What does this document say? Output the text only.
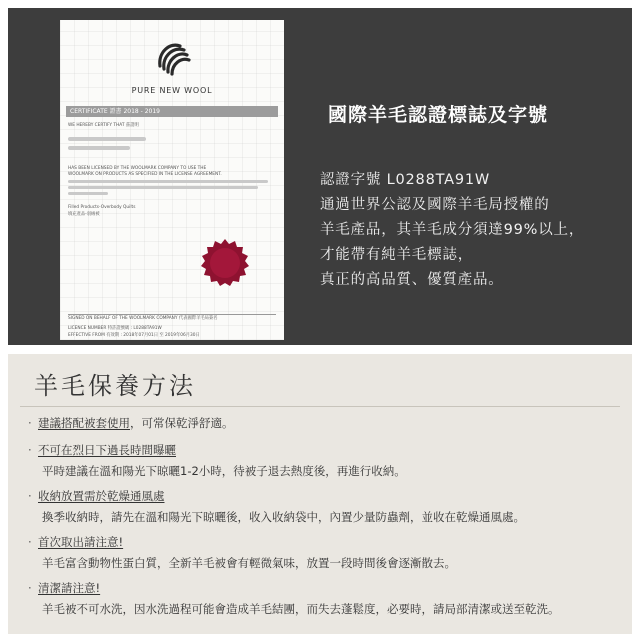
PURE NEW WOOL
CERTIFICATE 證書 2018 - 2019
WE HEREBY CERTIFY THAT 茲證明
HAS BEEN LICENSED BY THE WOOLMARK COMPANY TO USE THE
WOOLMARK ON PRODUCTS AS SPECIFIED IN THE LICENSE AGREEMENT.
Filled Products-Overbody Quilts
填充產品-羽絨被
SIGNED ON BEHALF OF THE WOOLMARK COMPANY 代表國際羊毛局簽名
LICENCE NUMBER 特許證號碼 : L0288TA91W
EFFECTIVE FROM 有效期 : 2018年07月01日 至 2019年06月30日
國際羊毛認證標誌及字號
認證字號 L0288TA91W
通過世界公認及國際羊毛局授權的
羊毛產品，其羊毛成分須達99%以上，
才能帶有純羊毛標誌，
真正的高品質、優質產品。
羊毛保養方法
· 建議搭配被套使用，可常保乾淨舒適。
· 不可在烈日下過長時間曝曬
平時建議在溫和陽光下晾曬1-2小時，待被子退去熱度後，再進行收納。
· 收納放置需於乾燥通風處
換季收納時，請先在溫和陽光下晾曬後，收入收納袋中，內置少量防蟲劑，並收在乾燥通風處。
· 首次取出請注意!
羊毛富含動物性蛋白質，全新羊毛被會有輕微氣味，放置一段時間後會逐漸散去。
· 清潔請注意!
羊毛被不可水洗，因水洗過程可能會造成羊毛結團，而失去蓬鬆度，必要時，請局部清潔或送至乾洗。
